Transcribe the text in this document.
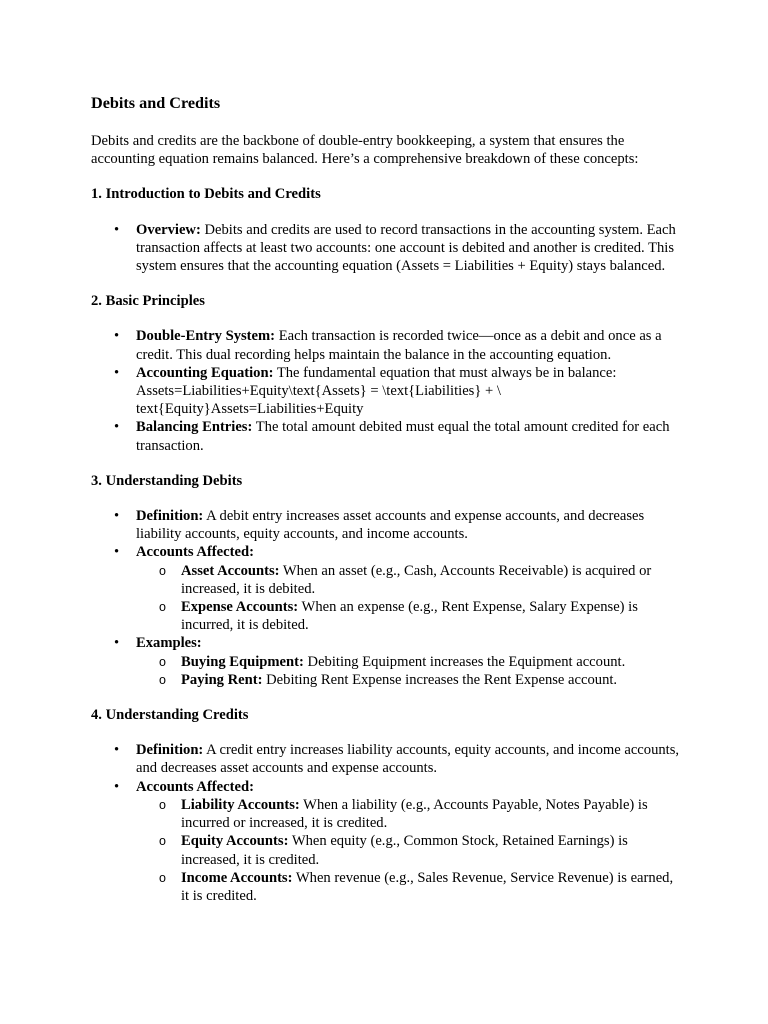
Debits and Credits

Debits and credits are the backbone of double-entry bookkeeping, a system that ensures the accounting equation remains balanced. Here’s a comprehensive breakdown of these concepts:

1. Introduction to Debits and Credits
• Overview: Debits and credits are used to record transactions in the accounting system. Each transaction affects at least two accounts: one account is debited and another is credited. This system ensures that the accounting equation (Assets = Liabilities + Equity) stays balanced.
2. Basic Principles
• Double-Entry System: Each transaction is recorded twice—once as a debit and once as a credit. This dual recording helps maintain the balance in the accounting equation.
• Accounting Equation: The fundamental equation that must always be in balance: Assets=Liabilities+Equity\text{Assets} = \text{Liabilities} + \ text{Equity}Assets=Liabilities+Equity
• Balancing Entries: The total amount debited must equal the total amount credited for each transaction.
3. Understanding Debits
• Definition: A debit entry increases asset accounts and expense accounts, and decreases liability accounts, equity accounts, and income accounts.
• Accounts Affected:
o Asset Accounts: When an asset (e.g., Cash, Accounts Receivable) is acquired or increased, it is debited.
o Expense Accounts: When an expense (e.g., Rent Expense, Salary Expense) is incurred, it is debited.
• Examples:
o Buying Equipment: Debiting Equipment increases the Equipment account.
o Paying Rent: Debiting Rent Expense increases the Rent Expense account.
4. Understanding Credits
• Definition: A credit entry increases liability accounts, equity accounts, and income accounts, and decreases asset accounts and expense accounts.
• Accounts Affected:
o Liability Accounts: When a liability (e.g., Accounts Payable, Notes Payable) is incurred or increased, it is credited.
o Equity Accounts: When equity (e.g., Common Stock, Retained Earnings) is increased, it is credited.
o Income Accounts: When revenue (e.g., Sales Revenue, Service Revenue) is earned, it is credited.
